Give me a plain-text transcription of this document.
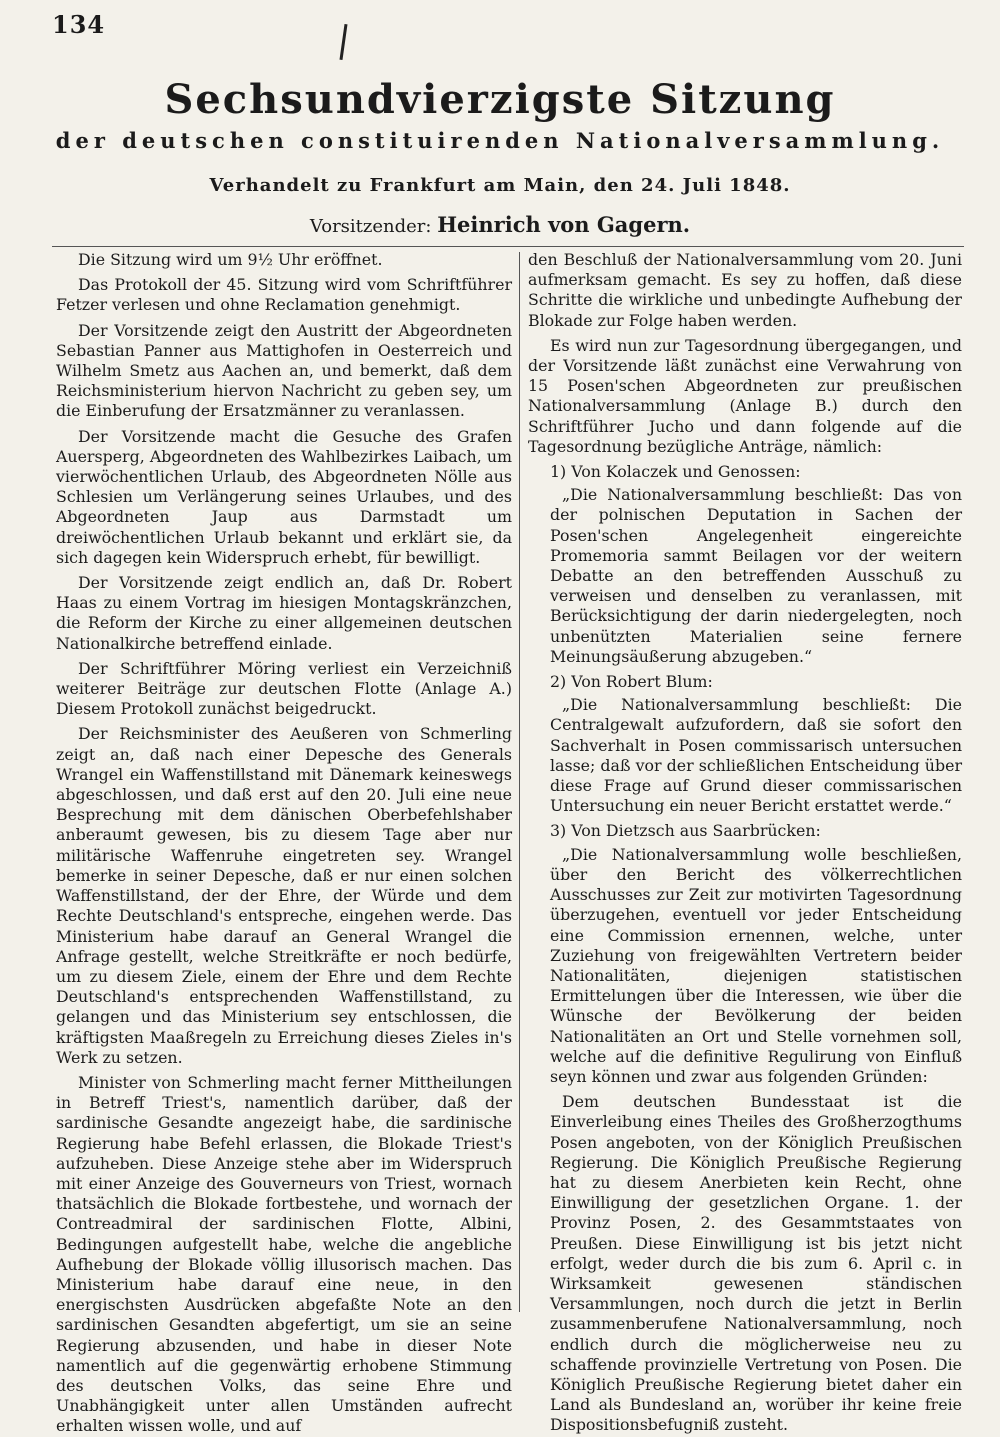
134
Sechsundvierzigste Sitzung
der deutschen constituirenden Nationalversammlung.
Verhandelt zu Frankfurt am Main, den 24. Juli 1848.
Vorsitzender: Heinrich von Gagern.

Die Sitzung wird um 9½ Uhr eröffnet.

Das Protokoll der 45. Sitzung wird vom Schriftführer Fetzer verlesen und ohne Reclamation genehmigt.

Der Vorsitzende zeigt den Austritt der Abgeordneten Sebastian Panner aus Mattighofen in Oesterreich und Wilhelm Smetz aus Aachen an, und bemerkt, daß dem Reichsministerium hiervon Nachricht zu geben sey, um die Einberufung der Ersatzmänner zu veranlassen.

Der Vorsitzende macht die Gesuche des Grafen Auersperg, Abgeordneten des Wahlbezirkes Laibach, um vierwöchentlichen Urlaub, des Abgeordneten Nölle aus Schlesien um Verlängerung seines Urlaubes, und des Abgeordneten Jaup aus Darmstadt um dreiwöchentlichen Urlaub bekannt und erklärt sie, da sich dagegen kein Widerspruch erhebt, für bewilligt.

Der Vorsitzende zeigt endlich an, daß Dr. Robert Haas zu einem Vortrag im hiesigen Montagskränzchen, die Reform der Kirche zu einer allgemeinen deutschen Nationalkirche betreffend einlade.

Der Schriftführer Möring verliest ein Verzeichniß weiterer Beiträge zur deutschen Flotte (Anlage A.) Diesem Protokoll zunächst beigedruckt.

Der Reichsminister des Aeußeren von Schmerling zeigt an, daß nach einer Depesche des Generals Wrangel ein Waffenstillstand mit Dänemark keineswegs abgeschlossen, und daß erst auf den 20. Juli eine neue Besprechung mit dem dänischen Oberbefehlshaber anberaumt gewesen, bis zu diesem Tage aber nur militärische Waffenruhe eingetreten sey. Wrangel bemerke in seiner Depesche, daß er nur einen solchen Waffenstillstand, der der Ehre, der Würde und dem Rechte Deutschland's entspreche, eingehen werde. Das Ministerium habe darauf an General Wrangel die Anfrage gestellt, welche Streitkräfte er noch bedürfe, um zu diesem Ziele, einem der Ehre und dem Rechte Deutschland's entsprechenden Waffenstillstand, zu gelangen und das Ministerium sey entschlossen, die kräftigsten Maaßregeln zu Erreichung dieses Zieles in's Werk zu setzen.

Minister von Schmerling macht ferner Mittheilungen in Betreff Triest's, namentlich darüber, daß der sardinische Gesandte angezeigt habe, die sardinische Regierung habe Befehl erlassen, die Blokade Triest's aufzuheben. Diese Anzeige stehe aber im Widerspruch mit einer Anzeige des Gouverneurs von Triest, wornach thatsächlich die Blokade fortbestehe, und wornach der Contreadmiral der sardinischen Flotte, Albini, Bedingungen aufgestellt habe, welche die angebliche Aufhebung der Blokade völlig illusorisch machen. Das Ministerium habe darauf eine neue, in den energischsten Ausdrücken abgefaßte Note an den sardinischen Gesandten abgefertigt, um sie an seine Regierung abzusenden, und habe in dieser Note namentlich auf die gegenwärtig erhobene Stimmung des deutschen Volks, das seine Ehre und Unabhängigkeit unter allen Umständen aufrecht erhalten wissen wolle, und auf

den Beschluß der Nationalversammlung vom 20. Juni aufmerksam gemacht. Es sey zu hoffen, daß diese Schritte die wirkliche und unbedingte Aufhebung der Blokade zur Folge haben werden.

Es wird nun zur Tagesordnung übergegangen, und der Vorsitzende läßt zunächst eine Verwahrung von 15 Posen'schen Abgeordneten zur preußischen Nationalversammlung (Anlage B.) durch den Schriftführer Jucho und dann folgende auf die Tagesordnung bezügliche Anträge, nämlich:

1) Von Kolaczek und Genossen:

„Die Nationalversammlung beschließt: Das von der polnischen Deputation in Sachen der Posen'schen Angelegenheit eingereichte Promemoria sammt Beilagen vor der weitern Debatte an den betreffenden Ausschuß zu verweisen und denselben zu veranlassen, mit Berücksichtigung der darin niedergelegten, noch unbenützten Materialien seine fernere Meinungsäußerung abzugeben.“

2) Von Robert Blum:

„Die Nationalversammlung beschließt: Die Centralgewalt aufzufordern, daß sie sofort den Sachverhalt in Posen commissarisch untersuchen lasse; daß vor der schließlichen Entscheidung über diese Frage auf Grund dieser commissarischen Untersuchung ein neuer Bericht erstattet werde.“

3) Von Dietzsch aus Saarbrücken:

„Die Nationalversammlung wolle beschließen, über den Bericht des völkerrechtlichen Ausschusses zur Zeit zur motivirten Tagesordnung überzugehen, eventuell vor jeder Entscheidung eine Commission ernennen, welche, unter Zuziehung von freigewählten Vertretern beider Nationalitäten, diejenigen statistischen Ermittelungen über die Interessen, wie über die Wünsche der Bevölkerung der beiden Nationalitäten an Ort und Stelle vornehmen soll, welche auf die definitive Regulirung von Einfluß seyn können und zwar aus folgenden Gründen:

Dem deutschen Bundesstaat ist die Einverleibung eines Theiles des Großherzogthums Posen angeboten, von der Königlich Preußischen Regierung. Die Königlich Preußische Regierung hat zu diesem Anerbieten kein Recht, ohne Einwilligung der gesetzlichen Organe. 1. der Provinz Posen, 2. des Gesammtstaates von Preußen. Diese Einwilligung ist bis jetzt nicht erfolgt, weder durch die bis zum 6. April c. in Wirksamkeit gewesenen ständischen Versammlungen, noch durch die jetzt in Berlin zusammenberufene Nationalversammlung, noch endlich durch die möglicherweise neu zu schaffende provinzielle Vertretung von Posen. Die Königlich Preußische Regierung bietet daher ein Land als Bundesland an, worüber ihr keine freie Dispositionsbefugniß zusteht.
